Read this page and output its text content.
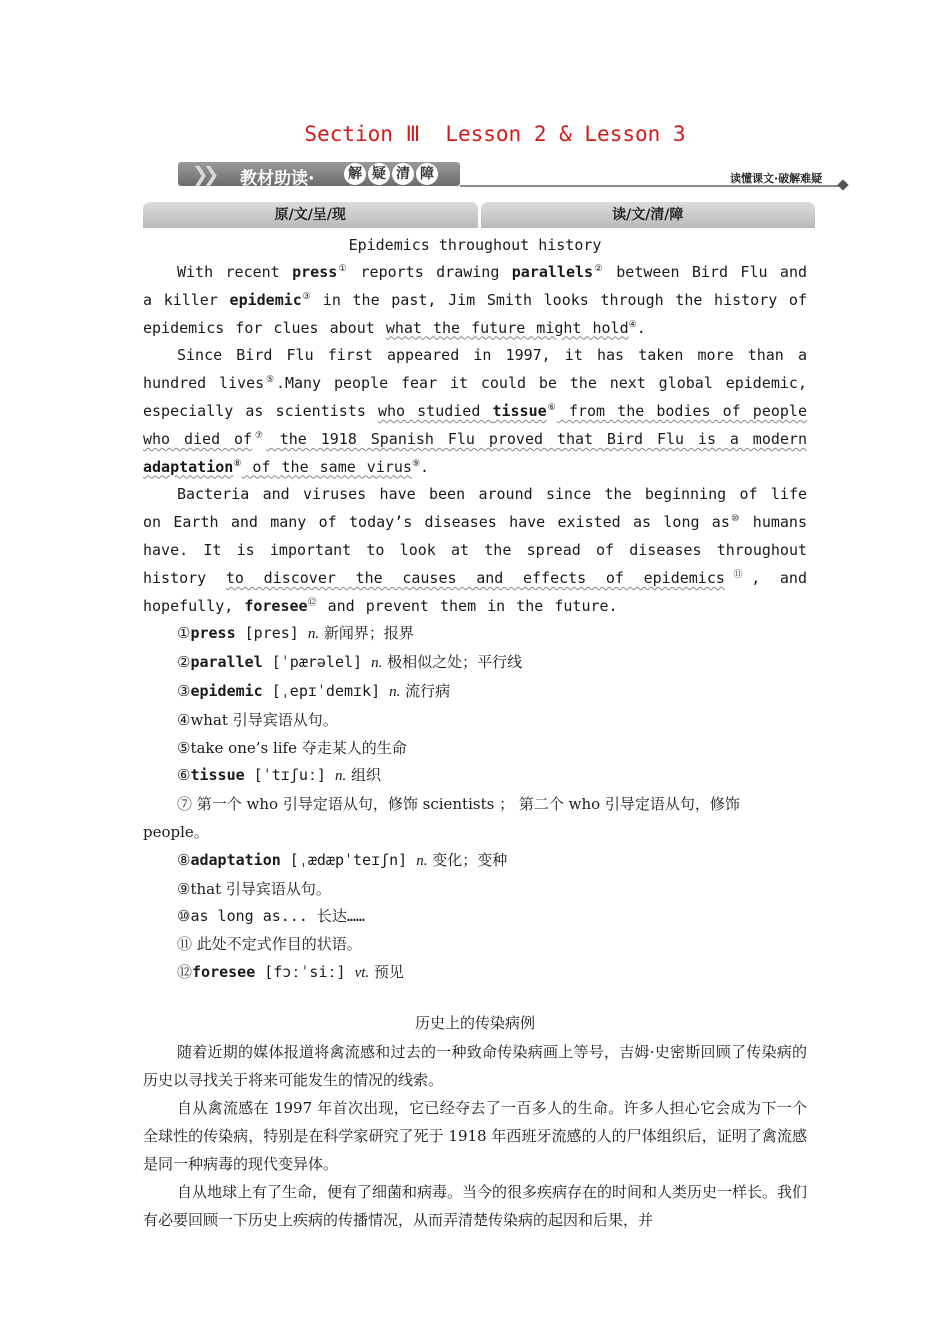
Section Ⅲ  Lesson 2 & Lesson 3
❯❯ 教材助读· 解 疑 清 障	读懂课文·破解难疑
原/文/呈/现	读/文/清/障
Epidemics throughout history

With recent press① reports drawing parallels② between Bird Flu and a killer epidemic③ in the past, Jim Smith looks through the history of epidemics for clues about what the future might hold④.

Since Bird Flu first appeared in 1997, it has taken more than a hundred lives⑤.Many people fear it could be the next global epidemic, especially as scientists who studied tissue⑥ from the bodies of people who died of⑦ the 1918 Spanish Flu proved that Bird Flu is a modern adaptation⑧ of the same virus⑨.

Bacteria and viruses have been around since the beginning of life on Earth and many of today’s diseases have existed as long as⑩ humans have. It is important to look at the spread of diseases throughout history to discover the causes and effects of epidemics⑪, and hopefully, foresee⑫ and prevent them in the future.

①press [pres] n. 新闻界；报界

②parallel [ˈpærəlel] n. 极相似之处；平行线

③epidemic [ˌepɪˈdemɪk] n. 流行病

④what 引导宾语从句。

⑤take one’s life 夺走某人的生命

⑥tissue [ˈtɪʃuː] n. 组织

⑦ 第一个 who 引导定语从句，修饰 scientists ； 第二个 who 引导定语从句，修饰 people。

⑧adaptation [ˌædæpˈteɪʃn] n. 变化；变种

⑨that 引导宾语从句。

⑩as long as... 长达……

⑪ 此处不定式作目的状语。

⑫foresee [fɔːˈsiː] vt. 预见

历史上的传染病例

随着近期的媒体报道将禽流感和过去的一种致命传染病画上等号，吉姆·史密斯回顾了传染病的历史以寻找关于将来可能发生的情况的线索。

自从禽流感在 1997 年首次出现，它已经夺去了一百多人的生命。许多人担心它会成为下一个全球性的传染病，特别是在科学家研究了死于 1918 年西班牙流感的人的尸体组织后，证明了禽流感是同一种病毒的现代变异体。

自从地球上有了生命，便有了细菌和病毒。当今的很多疾病存在的时间和人类历史一样长。我们有必要回顾一下历史上疾病的传播情况，从而弄清楚传染病的起因和后果，并
